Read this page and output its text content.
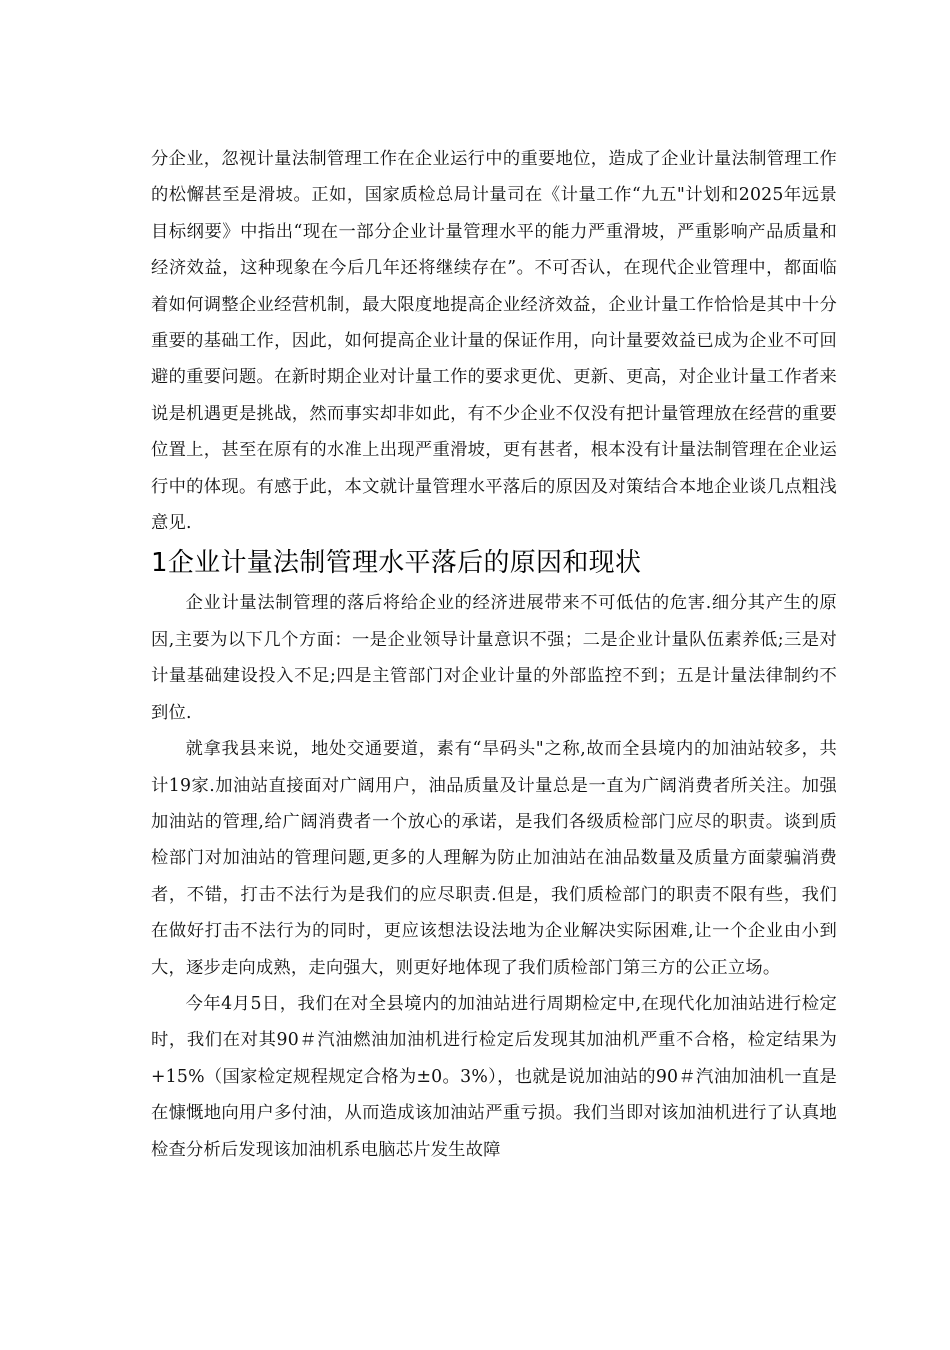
分企业，忽视计量法制管理工作在企业运行中的重要地位，造成了企业计量法制管理工作的松懈甚至是滑坡。正如，国家质检总局计量司在《计量工作“九五"计划和2025年远景目标纲要》中指出“现在一部分企业计量管理水平的能力严重滑坡，严重影响产品质量和经济效益，这种现象在今后几年还将继续存在”。不可否认，在现代企业管理中，都面临着如何调整企业经营机制，最大限度地提高企业经济效益，企业计量工作恰恰是其中十分重要的基础工作，因此，如何提高企业计量的保证作用，向计量要效益已成为企业不可回避的重要问题。在新时期企业对计量工作的要求更优、更新、更高，对企业计量工作者来说是机遇更是挑战，然而事实却非如此，有不少企业不仅没有把计量管理放在经营的重要位置上，甚至在原有的水准上出现严重滑坡，更有甚者，根本没有计量法制管理在企业运行中的体现。有感于此，本文就计量管理水平落后的原因及对策结合本地企业谈几点粗浅意见.

1企业计量法制管理水平落后的原因和现状

企业计量法制管理的落后将给企业的经济进展带来不可低估的危害.细分其产生的原因,主要为以下几个方面：一是企业领导计量意识不强；二是企业计量队伍素养低;三是对计量基础建设投入不足;四是主管部门对企业计量的外部监控不到；五是计量法律制约不到位.

就拿我县来说，地处交通要道，素有“旱码头"之称,故而全县境内的加油站较多，共计19家.加油站直接面对广阔用户，油品质量及计量总是一直为广阔消费者所关注。加强加油站的管理,给广阔消费者一个放心的承诺，是我们各级质检部门应尽的职责。谈到质检部门对加油站的管理问题,更多的人理解为防止加油站在油品数量及质量方面蒙骗消费者，不错，打击不法行为是我们的应尽职责.但是，我们质检部门的职责不限有些，我们在做好打击不法行为的同时，更应该想法设法地为企业解决实际困难,让一个企业由小到大，逐步走向成熟，走向强大，则更好地体现了我们质检部门第三方的公正立场。

今年4月5日，我们在对全县境内的加油站进行周期检定中,在现代化加油站进行检定时，我们在对其90＃汽油燃油加油机进行检定后发现其加油机严重不合格，检定结果为+15%（国家检定规程规定合格为±0。3%），也就是说加油站的90＃汽油加油机一直是在慷慨地向用户多付油，从而造成该加油站严重亏损。我们当即对该加油机进行了认真地检查分析后发现该加油机系电脑芯片发生故障
